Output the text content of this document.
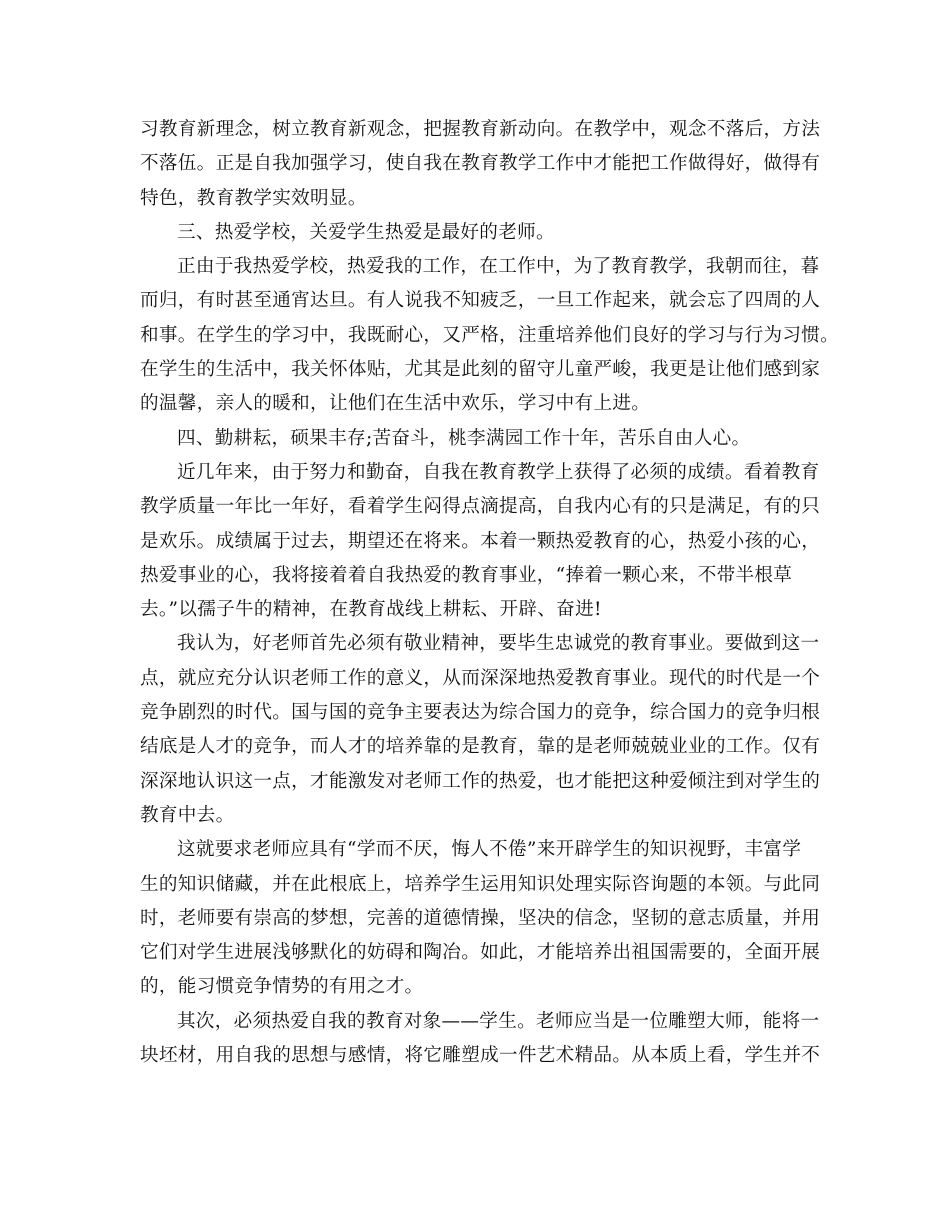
习教育新理念，树立教育新观念，把握教育新动向。在教学中，观念不落后，方法
不落伍。正是自我加强学习，使自我在教育教学工作中才能把工作做得好，做得有
特色，教育教学实效明显。
三、热爱学校，关爱学生热爱是最好的老师。
正由于我热爱学校，热爱我的工作，在工作中，为了教育教学，我朝而往，暮
而归，有时甚至通宵达旦。有人说我不知疲乏，一旦工作起来，就会忘了四周的人
和事。在学生的学习中，我既耐心，又严格，注重培养他们良好的学习与行为习惯。
在学生的生活中，我关怀体贴，尤其是此刻的留守儿童严峻，我更是让他们感到家
的温馨，亲人的暖和，让他们在生活中欢乐，学习中有上进。
四、勤耕耘，硕果丰存;苦奋斗，桃李满园工作十年，苦乐自由人心。
近几年来，由于努力和勤奋，自我在教育教学上获得了必须的成绩。看着教育
教学质量一年比一年好，看着学生闷得点滴提高，自我内心有的只是满足，有的只
是欢乐。成绩属于过去，期望还在将来。本着一颗热爱教育的心，热爱小孩的心，
热爱事业的心，我将接着着自我热爱的教育事业，“捧着一颗心来，不带半根草
去。”以孺子牛的精神，在教育战线上耕耘、开辟、奋进!
我认为，好老师首先必须有敬业精神，要毕生忠诚党的教育事业。要做到这一
点，就应充分认识老师工作的意义，从而深深地热爱教育事业。现代的时代是一个
竞争剧烈的时代。国与国的竞争主要表达为综合国力的竞争，综合国力的竞争归根
结底是人才的竞争，而人才的培养靠的是教育，靠的是老师兢兢业业的工作。仅有
深深地认识这一点，才能激发对老师工作的热爱，也才能把这种爱倾注到对学生的
教育中去。
这就要求老师应具有“学而不厌，悔人不倦”来开辟学生的知识视野，丰富学
生的知识储藏，并在此根底上，培养学生运用知识处理实际咨询题的本领。与此同
时，老师要有崇高的梦想，完善的道德情操，坚决的信念，坚韧的意志质量，并用
它们对学生进展浅够默化的妨碍和陶冶。如此，才能培养出祖国需要的，全面开展
的，能习惯竞争情势的有用之才。
其次，必须热爱自我的教育对象——学生。老师应当是一位雕塑大师，能将一
块坯材，用自我的思想与感情，将它雕塑成一件艺术精品。从本质上看，学生并不
